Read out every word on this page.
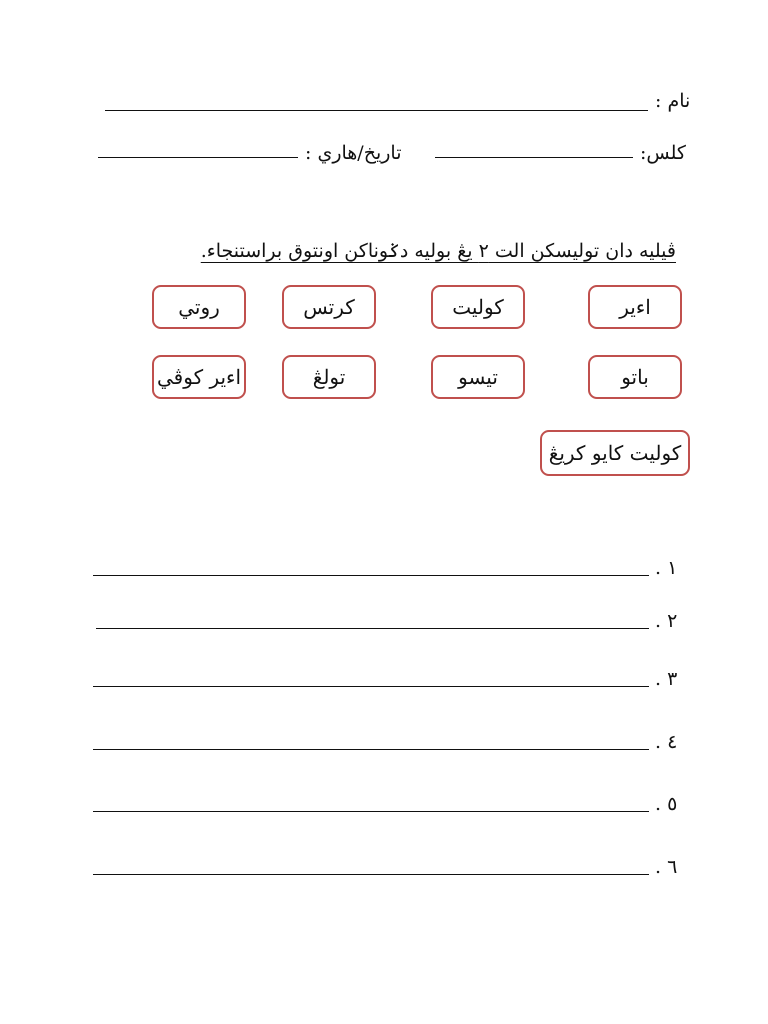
نام :
كلس:
تاريخ/هاري :
ڤيليه دان توليسكن الت ٢ يڠ بوليه دݢوناکن اونتوق براستنجاء.
اءير
كوليت
كرتس
روتي
باتو
تيسو
تولڠ
اءير كوڤي
كوليت كايو كريڠ
١ .
٢ .
٣ .
٤ .
٥ .
٦ .
